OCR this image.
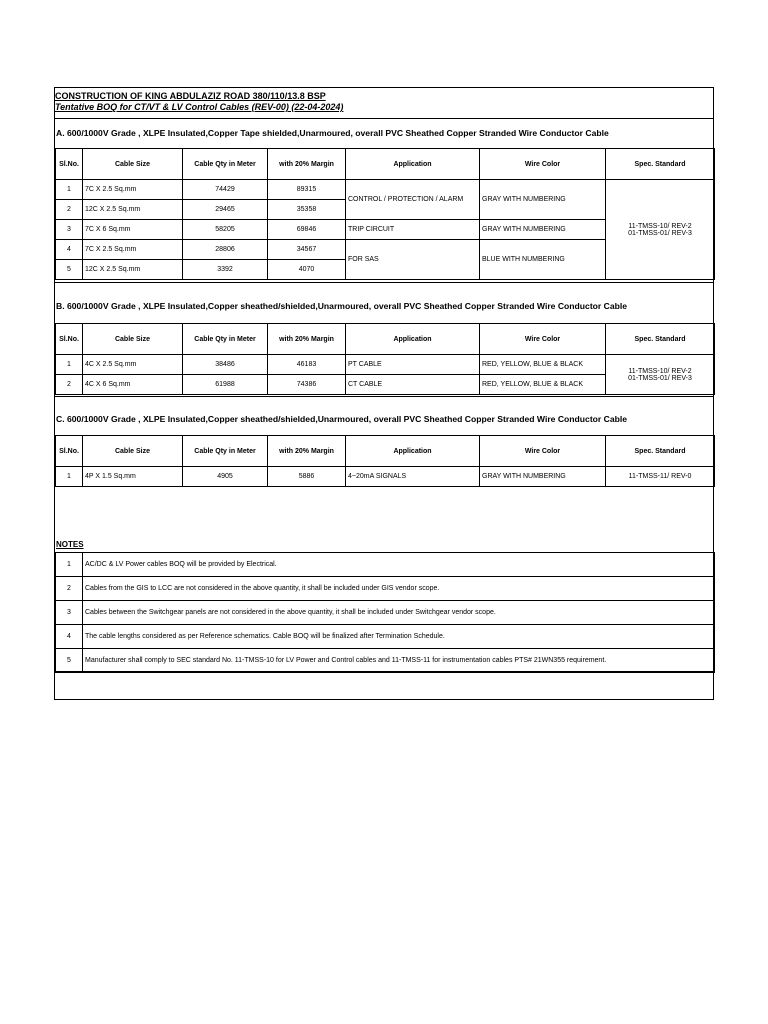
CONSTRUCTION OF KING ABDULAZIZ ROAD 380/110/13.8 BSP
Tentative BOQ for CT/VT & LV Control Cables (REV-00) (22-04-2024)
A. 600/1000V Grade , XLPE Insulated,Copper Tape shielded,Unarmoured, overall PVC Sheathed Copper Stranded Wire Conductor Cable
Sl.No.	Cable Size	Cable Qty in Meter	with 20% Margin	Application	Wire Color	Spec. Standard
1	7C X 2.5 Sq.mm	74429	89315	CONTROL / PROTECTION / ALARM	GRAY WITH NUMBERING	11-TMSS-10/ REV-2
01-TMSS-01/ REV-3

2	12C X 2.5 Sq.mm	29465	35358			
3	7C X 6 Sq.mm	58205	69846	TRIP CIRCUIT	GRAY WITH NUMBERING	
4	7C X 2.5 Sq.mm	28806	34567	FOR SAS	BLUE WITH NUMBERING	
5	12C X 2.5 Sq.mm	3392	4070			
B. 600/1000V Grade , XLPE Insulated,Copper sheathed/shielded,Unarmoured, overall PVC Sheathed Copper Stranded Wire Conductor Cable
Sl.No.	Cable Size	Cable Qty in Meter	with 20% Margin	Application	Wire Color	Spec. Standard
1	4C X 2.5 Sq.mm	38486	46183	PT CABLE	RED, YELLOW, BLUE & BLACK	11-TMSS-10/ REV-2
01-TMSS-01/ REV-3

2	4C X 6 Sq.mm	61988	74386	CT CABLE	RED, YELLOW, BLUE & BLACK	
C. 600/1000V Grade , XLPE Insulated,Copper sheathed/shielded,Unarmoured, overall PVC Sheathed Copper Stranded Wire Conductor Cable
Sl.No.	Cable Size	Cable Qty in Meter	with 20% Margin	Application	Wire Color	Spec. Standard
1	4P X 1.5 Sq.mm	4905	5886	4~20mA SIGNALS	GRAY WITH NUMBERING	11-TMSS-11/ REV-0
NOTES
1	AC/DC & LV Power cables BOQ will be provided by Electrical.
2	Cables from the GIS to LCC are not considered in the above quantity, it shall be included under GIS vendor scope.
3	Cables between the Switchgear panels are not considered in the above quantity, it shall be included under Switchgear vendor scope.
4	The cable lengths considered as per Reference schematics. Cable BOQ will be finalized after Termination Schedule.
5	Manufacturer shall comply to SEC standard No. 11-TMSS-10 for LV Power and Control cables and 11-TMSS-11 for instrumentation cables PTS# 21WN355 requirement.
